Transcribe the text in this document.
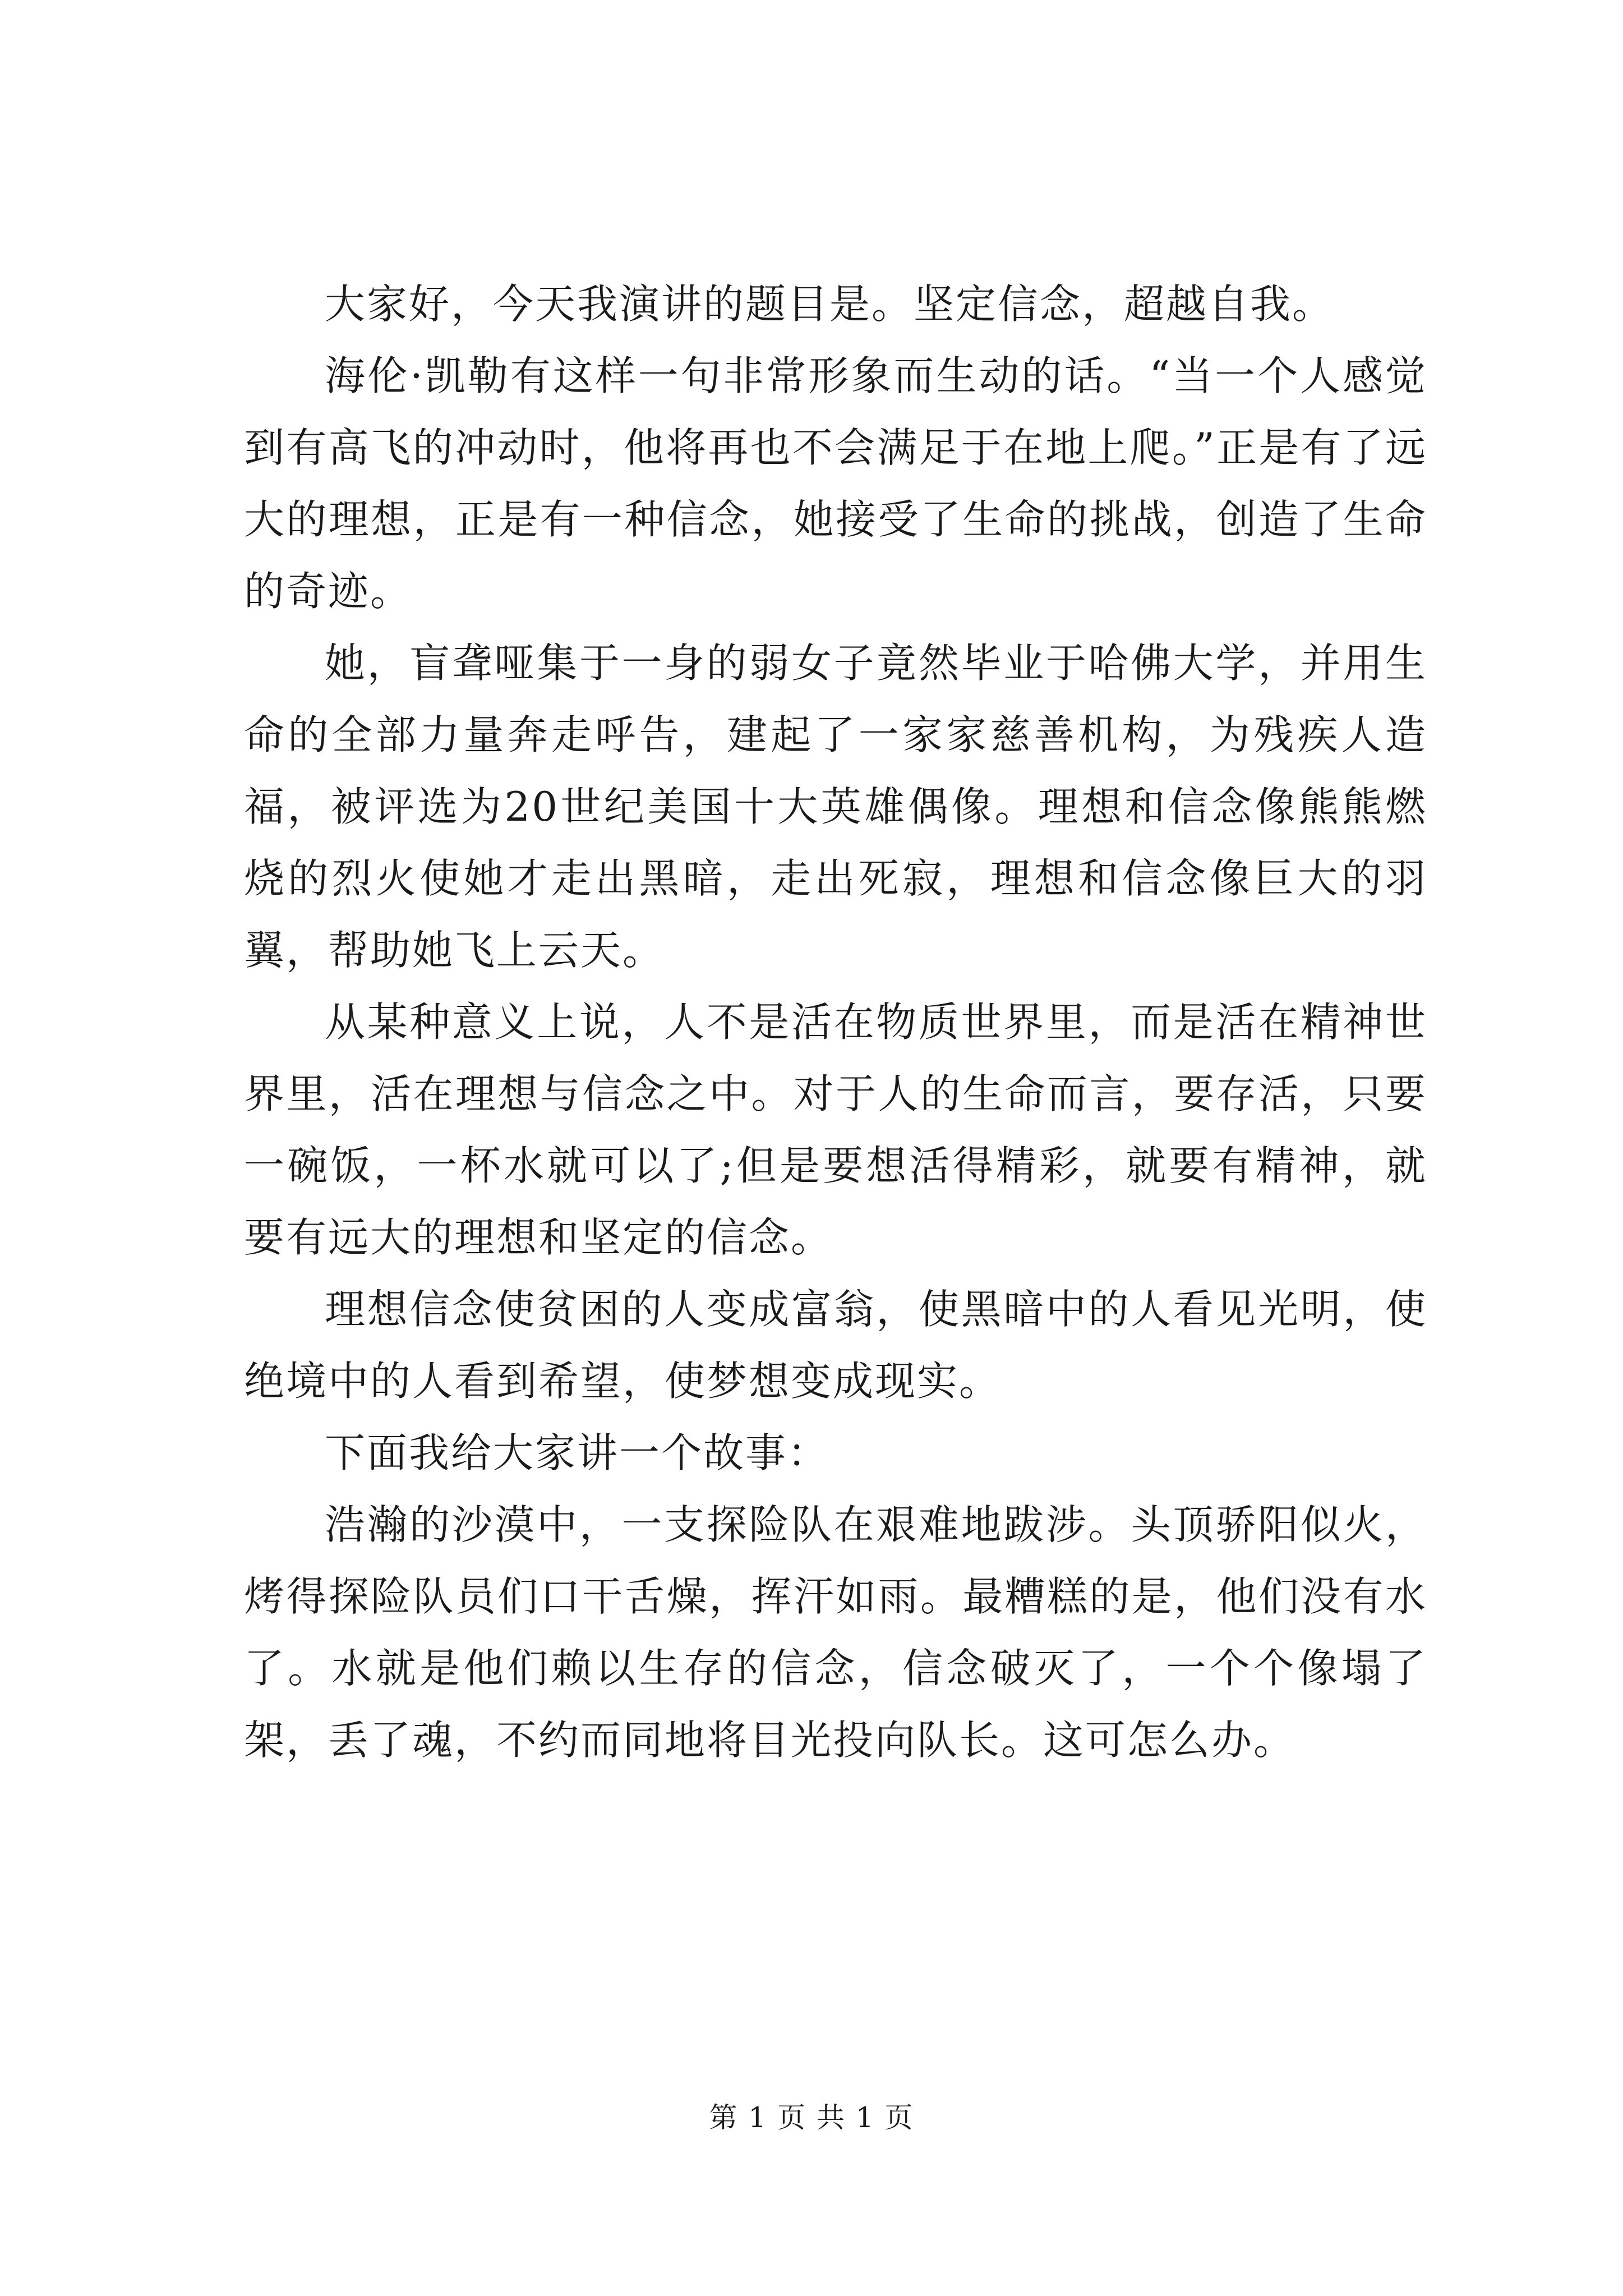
大家好，今天我演讲的题目是。坚定信念，超越自我。

海伦·凯勒有这样一句非常形象而生动的话。“当一个人感觉到有高飞的冲动时，他将再也不会满足于在地上爬。”正是有了远大的理想，正是有一种信念，她接受了生命的挑战，创造了生命的奇迹。

她，盲聋哑集于一身的弱女子竟然毕业于哈佛大学，并用生命的全部力量奔走呼告，建起了一家家慈善机构，为残疾人造福，被评选为20世纪美国十大英雄偶像。理想和信念像熊熊燃烧的烈火使她才走出黑暗，走出死寂，理想和信念像巨大的羽翼，帮助她飞上云天。

从某种意义上说，人不是活在物质世界里，而是活在精神世界里，活在理想与信念之中。对于人的生命而言，要存活，只要一碗饭，一杯水就可以了;但是要想活得精彩，就要有精神，就要有远大的理想和坚定的信念。

理想信念使贫困的人变成富翁，使黑暗中的人看见光明，使绝境中的人看到希望，使梦想变成现实。

下面我给大家讲一个故事：

浩瀚的沙漠中，一支探险队在艰难地跋涉。头顶骄阳似火，烤得探险队员们口干舌燥，挥汗如雨。最糟糕的是，他们没有水了。水就是他们赖以生存的信念，信念破灭了，一个个像塌了架，丢了魂，不约而同地将目光投向队长。这可怎么办。

第 1 页 共 1 页
